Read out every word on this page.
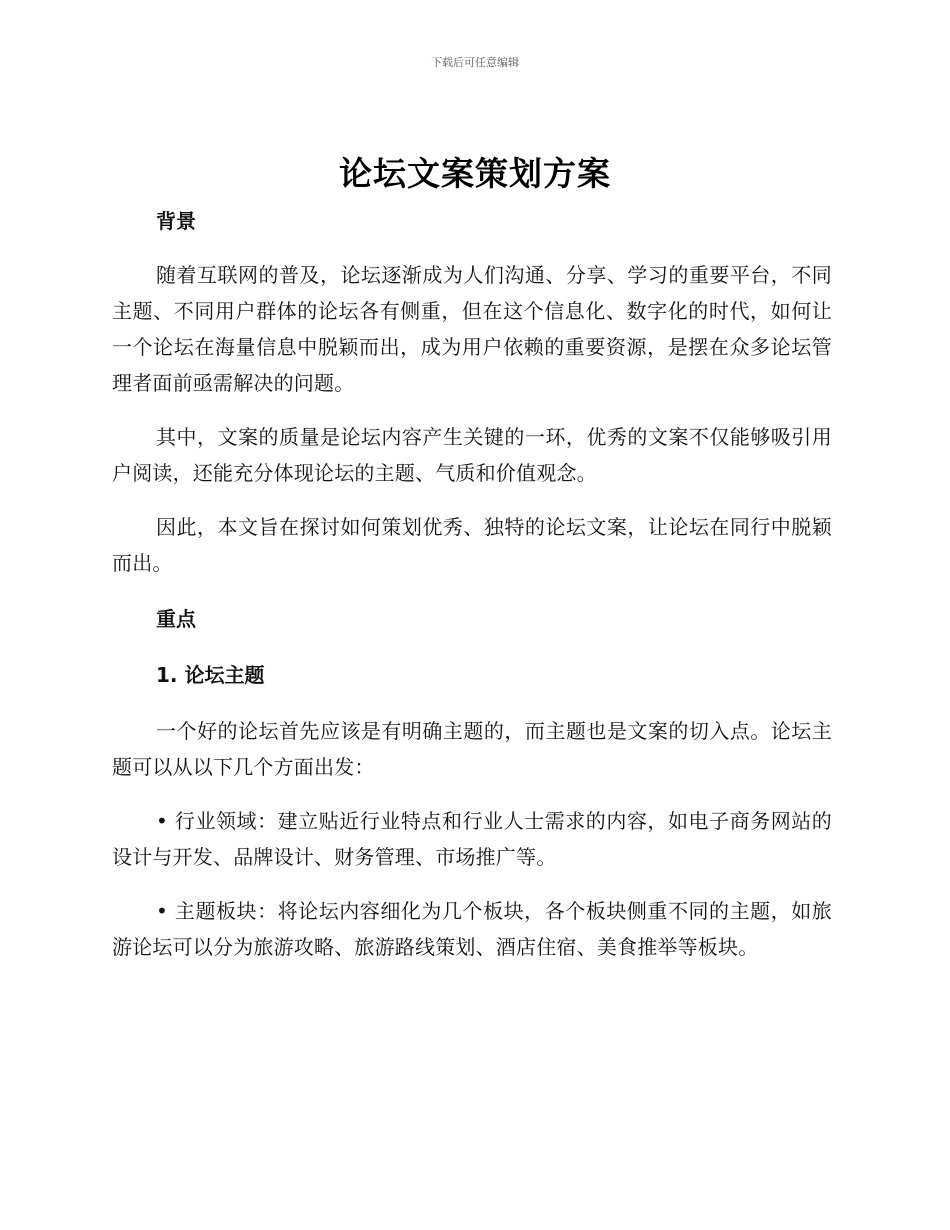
下载后可任意编辑
论坛文案策划方案

背景

随着互联网的普及，论坛逐渐成为人们沟通、分享、学习的重要平台，不同主题、不同用户群体的论坛各有侧重，但在这个信息化、数字化的时代，如何让一个论坛在海量信息中脱颖而出，成为用户依赖的重要资源，是摆在众多论坛管理者面前亟需解决的问题。

其中，文案的质量是论坛内容产生关键的一环，优秀的文案不仅能够吸引用户阅读，还能充分体现论坛的主题、气质和价值观念。

因此，本文旨在探讨如何策划优秀、独特的论坛文案，让论坛在同行中脱颖而出。

重点

1. 论坛主题

一个好的论坛首先应该是有明确主题的，而主题也是文案的切入点。论坛主题可以从以下几个方面出发：

• 行业领域：建立贴近行业特点和行业人士需求的内容，如电子商务网站的设计与开发、品牌设计、财务管理、市场推广等。

• 主题板块：将论坛内容细化为几个板块，各个板块侧重不同的主题，如旅游论坛可以分为旅游攻略、旅游路线策划、酒店住宿、美食推举等板块。
